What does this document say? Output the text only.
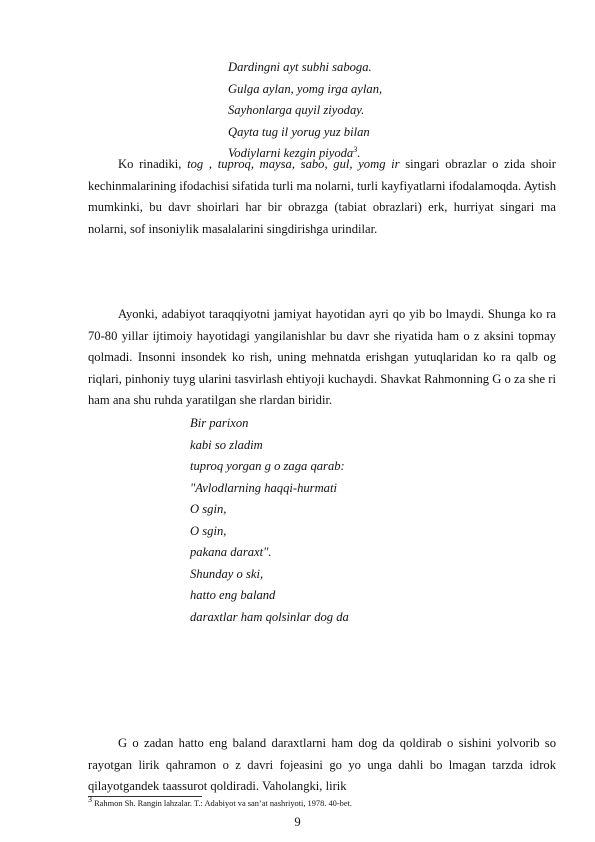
Dardingni ayt subhi saboga.
Gulga aylan, yomg irga aylan,
Sayhonlarga quyil ziyoday.
Qayta tug il yorug yuz bilan
Vodiylarni kezgin piyoda$^3$.

Ko rinadiki, tog , tuproq, maysa, sabo, gul, yomg ir singari obrazlar o zida shoir kechinmalarining ifodachisi sifatida turli ma nolarni, turli kayfiyatlarni ifodalamoqda. Aytish mumkinki, bu davr shoirlari har bir obrazga (tabiat obrazlari) erk, hurriyat singari ma nolarni, sof insoniylik masalalarini singdirishga urindilar.

Ayonki, adabiyot taraqqiyotni jamiyat hayotidan ayri qo yib bo lmaydi. Shunga ko ra 70-80 yillar ijtimoiy hayotidagi yangilanishlar bu davr she riyatida ham o z aksini topmay qolmadi. Insonni insondek ko rish, uning mehnatda erishgan yutuqlaridan ko ra qalb og riqlari, pinhoniy tuyg ularini tasvirlash ehtiyoji kuchaydi. Shavkat Rahmonning G o za she ri ham ana shu ruhda yaratilgan she rlardan biridir.

Bir parixon
kabi so zladim
tuproq yorgan g o zaga qarab:
"Avlodlarning haqqi-hurmati
O sgin,
O sgin,
pakana daraxt".
Shunday o ski,
hatto eng baland
daraxtlar ham qolsinlar dog da

G o zadan hatto eng baland daraxtlarni ham dog da qoldirab o sishini yolvorib so rayotgan lirik qahramon o z davri fojeasini go yo unga dahli bo lmagan tarzda idrok qilayotgandek taassurot qoldiradi. Vaholangki, lirik

$^3$ Rahmon Sh. Rangin lahzalar. T.: Adabiyot va san’at nashriyoti, 1978. 40-bet.
9
